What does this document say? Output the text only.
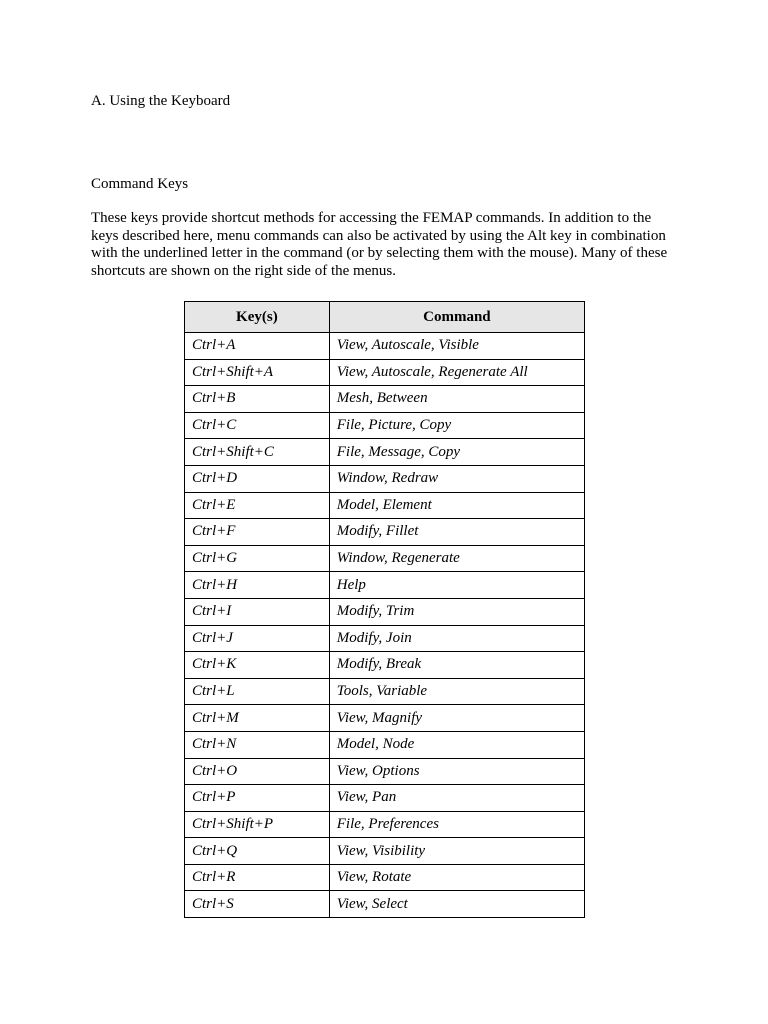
A. Using the Keyboard
Command Keys

These keys provide shortcut methods for accessing the FEMAP commands. In addition to the
keys described here, menu commands can also be activated by using the Alt key in combination
with the underlined letter in the command (or by selecting them with the mouse). Many of these
shortcuts are shown on the right side of the menus.

Key(s)	Command
Ctrl+A	View, Autoscale, Visible
Ctrl+Shift+A	View, Autoscale, Regenerate All
Ctrl+B	Mesh, Between
Ctrl+C	File, Picture, Copy
Ctrl+Shift+C	File, Message, Copy
Ctrl+D	Window, Redraw
Ctrl+E	Model, Element
Ctrl+F	Modify, Fillet
Ctrl+G	Window, Regenerate
Ctrl+H	Help
Ctrl+I	Modify, Trim
Ctrl+J	Modify, Join
Ctrl+K	Modify, Break
Ctrl+L	Tools, Variable
Ctrl+M	View, Magnify
Ctrl+N	Model, Node
Ctrl+O	View, Options
Ctrl+P	View, Pan
Ctrl+Shift+P	File, Preferences
Ctrl+Q	View, Visibility
Ctrl+R	View, Rotate
Ctrl+S	View, Select
